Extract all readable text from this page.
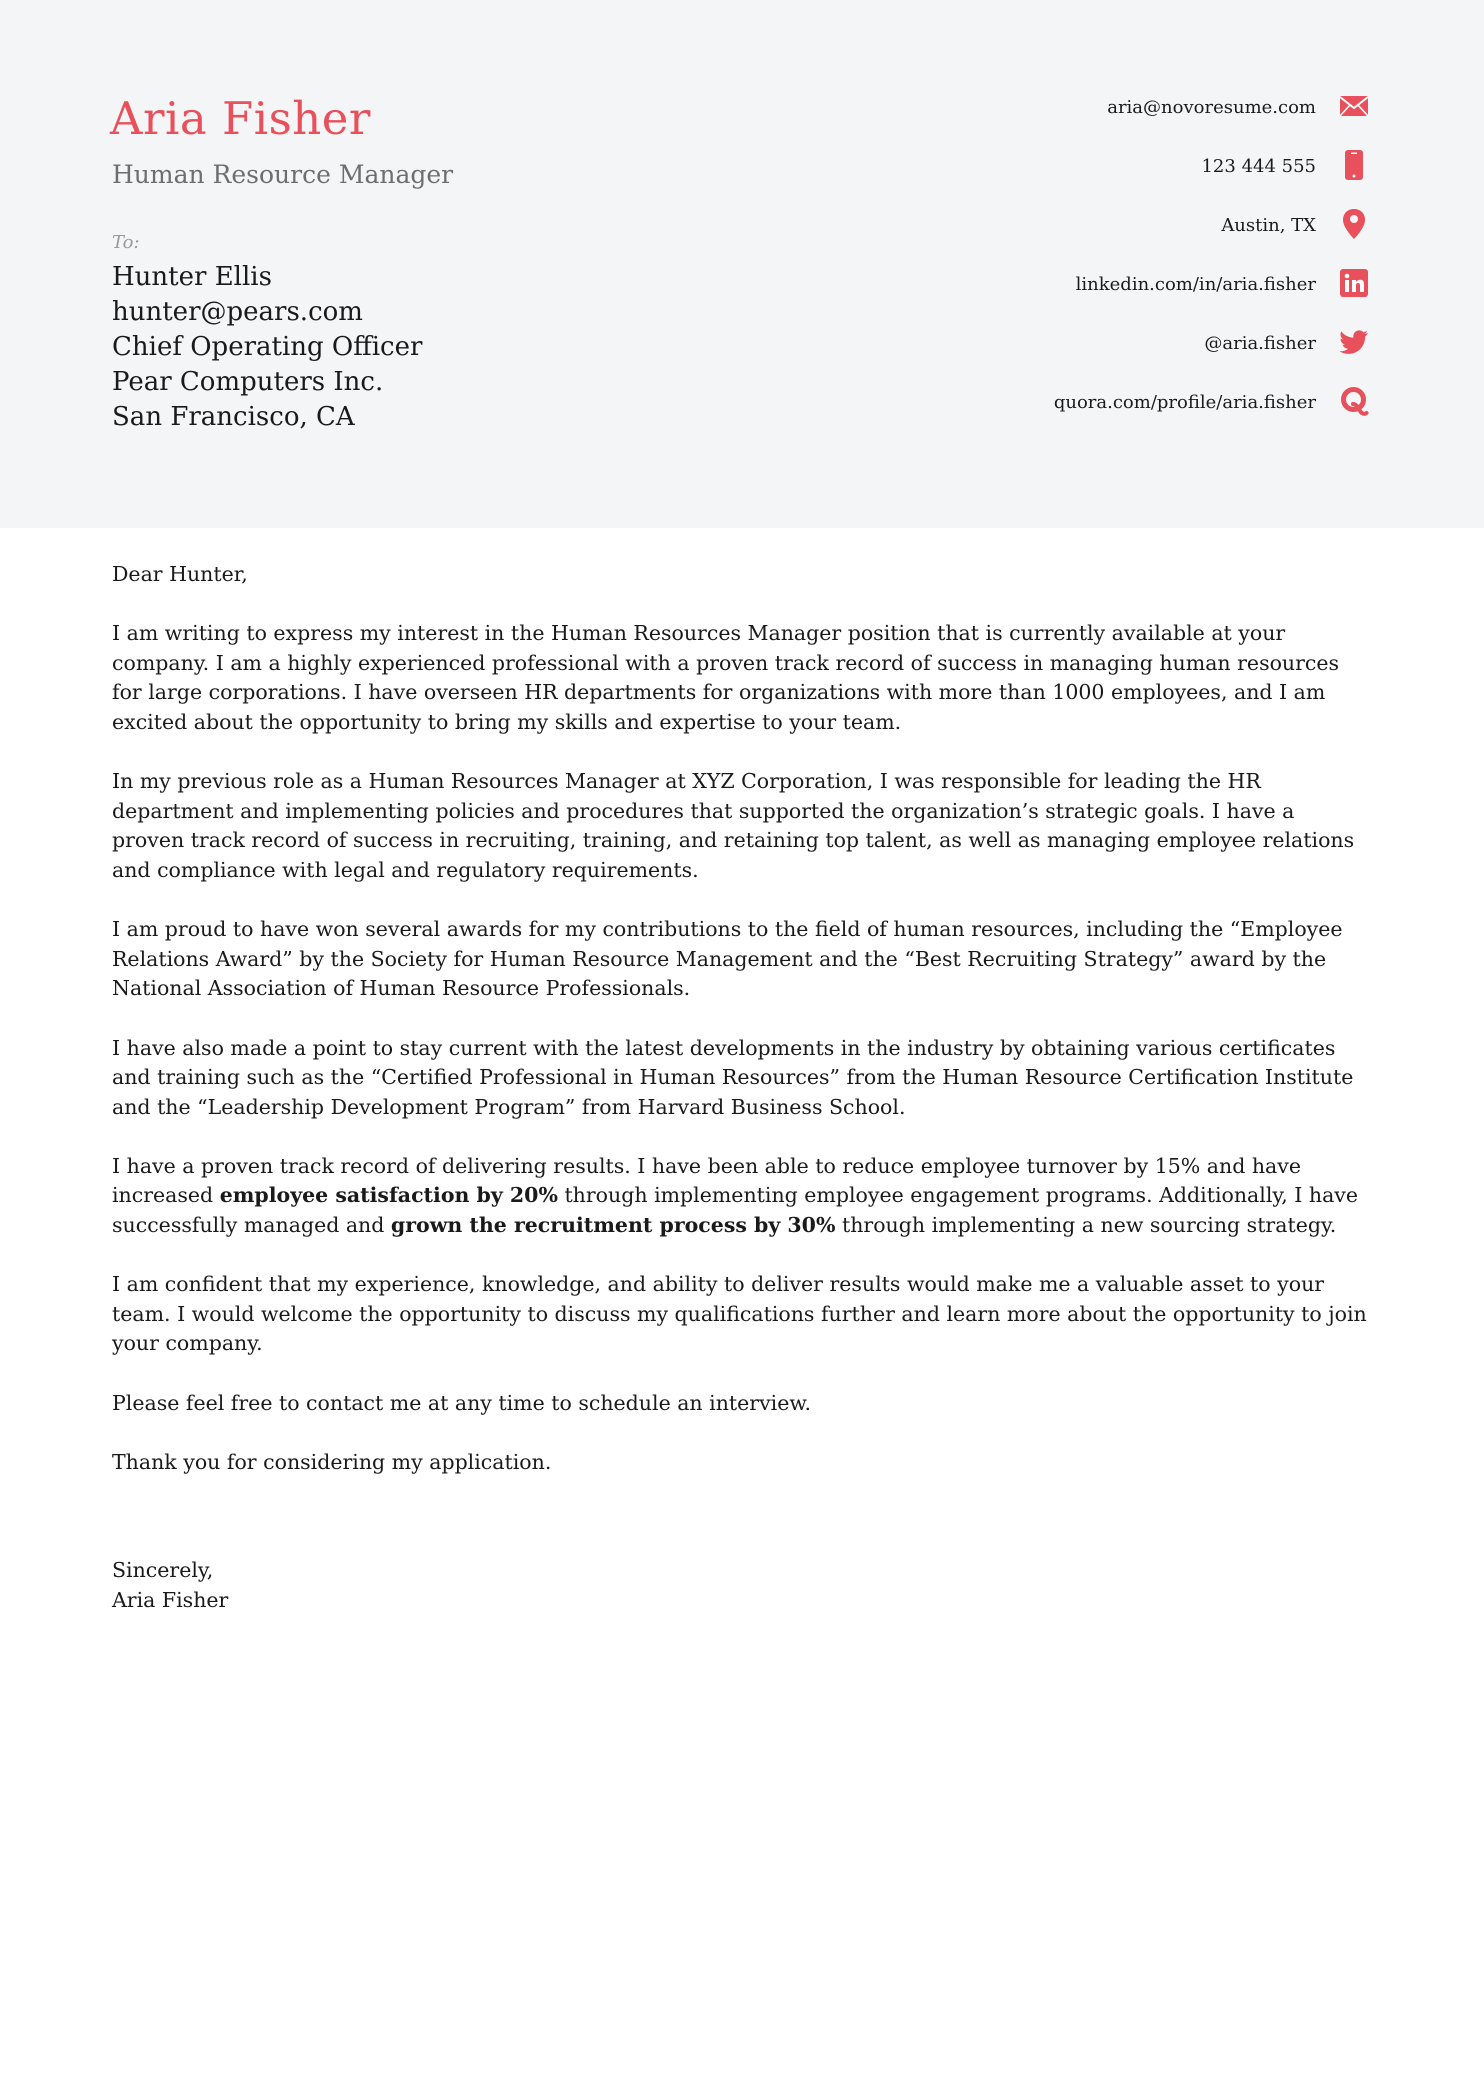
Aria Fisher
Human Resource Manager
To:
Hunter Ellis
hunter@pears.com
Chief Operating Officer
Pear Computers Inc.
San Francisco, CA
aria@novoresume.com
123 444 555
Austin, TX
linkedin.com/in/aria.fisher
@aria.fisher
quora.com/profile/aria.fisher

Dear Hunter,

I am writing to express my interest in the Human Resources Manager position that is currently available at your company. I am a highly experienced professional with a proven track record of success in managing human resources for large corporations. I have overseen HR departments for organizations with more than 1000 employees, and I am excited about the opportunity to bring my skills and expertise to your team.

In my previous role as a Human Resources Manager at XYZ Corporation, I was responsible for leading the HR department and implementing policies and procedures that supported the organization’s strategic goals. I have a proven track record of success in recruiting, training, and retaining top talent, as well as managing employee relations and compliance with legal and regulatory requirements.

I am proud to have won several awards for my contributions to the field of human resources, including the “Employee Relations Award” by the Society for Human Resource Management and the “Best Recruiting Strategy” award by the National Association of Human Resource Professionals.

I have also made a point to stay current with the latest developments in the industry by obtaining various certificates and training such as the “Certified Professional in Human Resources” from the Human Resource Certification Institute and the “Leadership Development Program” from Harvard Business School.

I have a proven track record of delivering results. I have been able to reduce employee turnover by 15% and have increased employee satisfaction by 20% through implementing employee engagement programs. Additionally, I have successfully managed and grown the recruitment process by 30% through implementing a new sourcing strategy.

I am confident that my experience, knowledge, and ability to deliver results would make me a valuable asset to your team. I would welcome the opportunity to discuss my qualifications further and learn more about the opportunity to join your company.

Please feel free to contact me at any time to schedule an interview.

Thank you for considering my application.

Sincerely,
Aria Fisher
